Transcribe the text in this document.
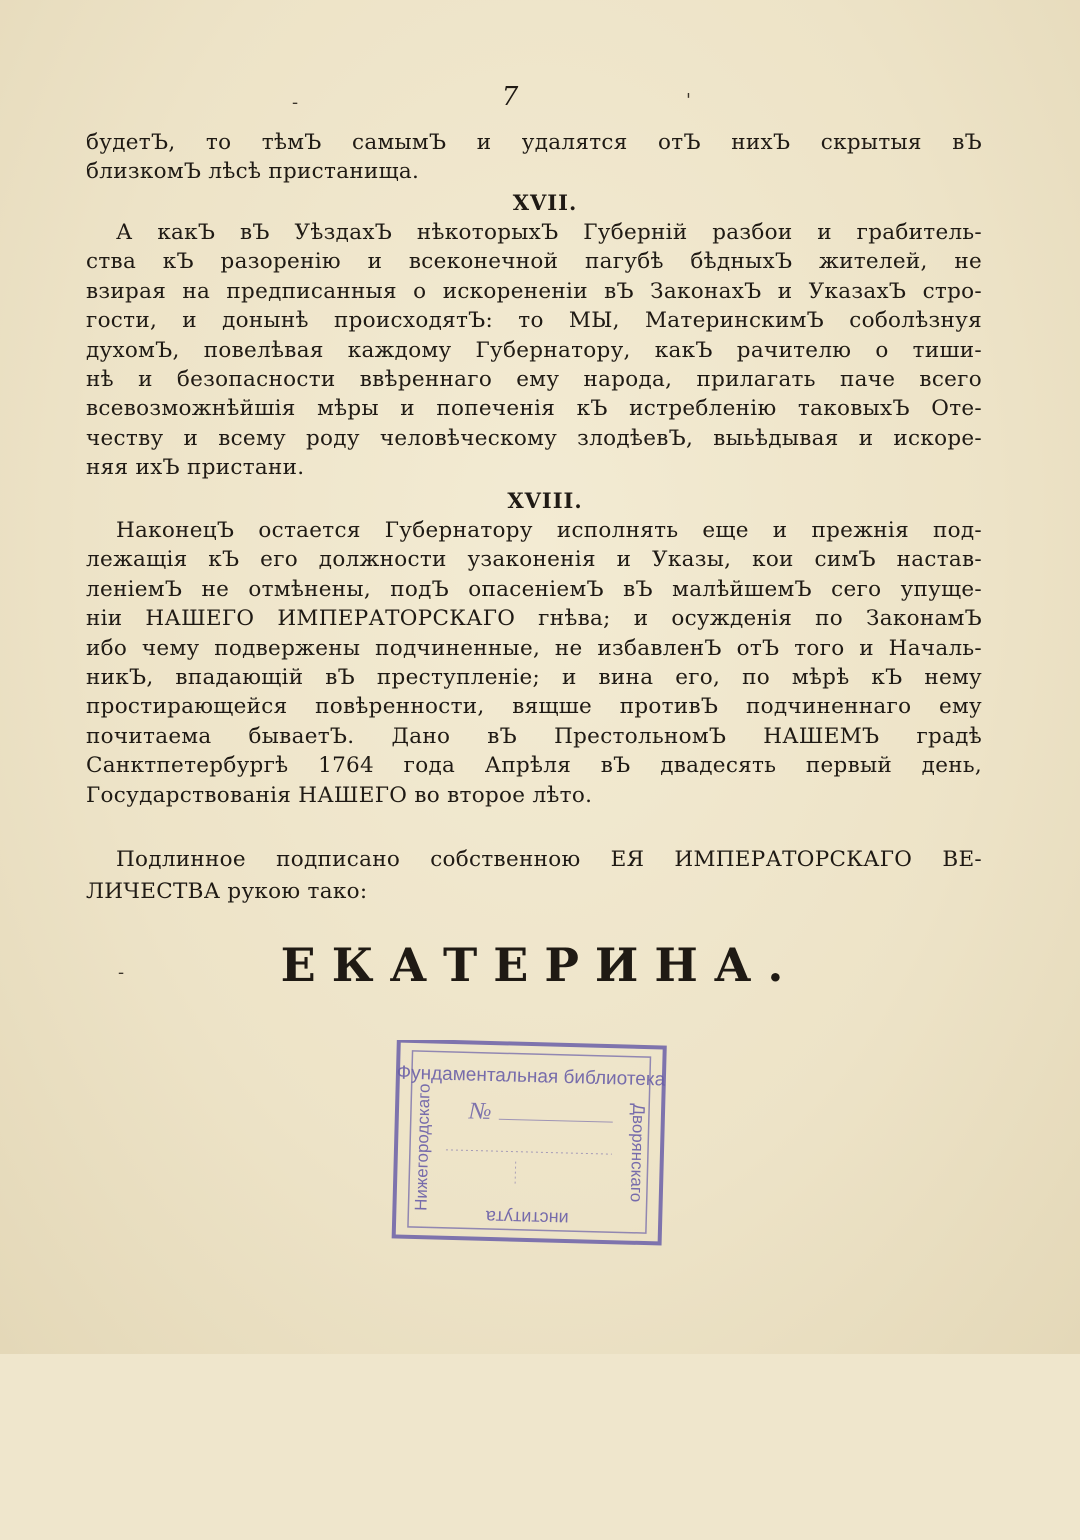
-	7	'
будетЪ, то тѣмЪ самымЪ и удалятся отЪ нихЪ скрытыя вЪ
близкомЪ лѣсѣ пристанища.
XVII.
А какЪ вЪ УѣздахЪ нѣкоторыхЪ Губерній разбои и грабитель-
ства кЪ разоренію и всеконечной пагубѣ бѣдныхЪ жителей, не
взирая на предписанныя о искорененіи вЪ ЗаконахЪ и УказахЪ стро-
гости, и донынѣ происходятЪ: то МЫ, МатеринскимЪ соболѣзнуя
духомЪ, повелѣвая каждому Губернатору, какЪ рачителю о тиши-
нѣ и безопасности ввѣреннаго ему народа, прилагать паче всего
всевозможнѣйшія мѣры и попеченія кЪ истребленію таковыхЪ Оте-
честву и всему роду человѣческому злодѣевЪ, выьѣдывая и искоре-
няя ихЪ пристани.
XVIII.
НаконецЪ остается Губернатору исполнять еще и прежнія под-
лежащія кЪ его должности узаконенія и Указы, кои симЪ настав-
леніемЪ не отмѣнены, подЪ опасеніемЪ вЪ малѣйшемЪ сего упуще-
ніи НАШЕГО ИМПЕРАТОРСКАГО гнѣва; и осужденія по ЗаконамЪ
ибо чему подвержены подчиненные, не избавленЪ отЪ того и Началь-
никЪ, впадающій вЪ преступленіе; и вина его, по мѣрѣ кЪ нему
простирающейся повѣренности, вящше противЪ подчиненнаго ему
почитаема бываетЪ. Дано вЪ ПрестольномЪ НАШЕМЪ градѣ
Санктпетербургѣ 1764 года Апрѣля вЪ двадесять первый день,
Государствованія НАШЕГО во второе лѣто.
Подлинное подписано собственною ЕЯ ИМПЕРАТОРСКАГО ВЕ-
ЛИЧЕСТВА рукою тако:
-	ЕКАТЕРИНА.
Фундаментальная библиотека
Нижегородскаго	Дворянскаго
института
№
